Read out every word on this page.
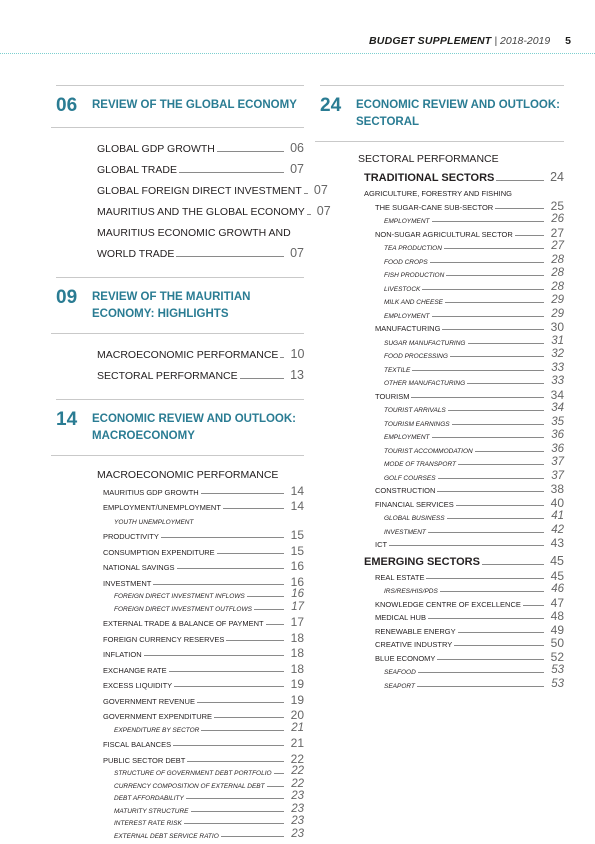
BUDGET SUPPLEMENT | 2018-2019 5
06	REVIEW OF THE GLOBAL ECONOMY
GLOBAL GDP GROWTH	06
GLOBAL TRADE	07
GLOBAL FOREIGN DIRECT INVESTMENT 07
MAURITIUS AND THE GLOBAL ECONOMY 07
MAURITIUS ECONOMIC GROWTH AND
WORLD TRADE	07
09	REVIEW OF THE MAURITIAN ECONOMY: HIGHLIGHTS
MACROECONOMIC PERFORMANCE 10
SECTORAL PERFORMANCE	13
14	ECONOMIC REVIEW AND OUTLOOK: MACROECONOMY
MACROECONOMIC PERFORMANCE
MAURITIUS GDP GROWTH	14
EMPLOYMENT/UNEMPLOYMENT	14
YOUTH UNEMPLOYMENT
PRODUCTIVITY	15
CONSUMPTION EXPENDITURE	15
NATIONAL SAVINGS	16
INVESTMENT	16
FOREIGN DIRECT INVESTMENT INFLOWS	16
FOREIGN DIRECT INVESTMENT OUTFLOWS	17
EXTERNAL TRADE & BALANCE OF PAYMENT	17
FOREIGN CURRENCY RESERVES	18
INFLATION	18
EXCHANGE RATE	18
EXCESS LIQUIDITY	19
GOVERNMENT REVENUE	19
GOVERNMENT EXPENDITURE	20
EXPENDITURE BY SECTOR	21
FISCAL BALANCES	21
PUBLIC SECTOR DEBT	22
STRUCTURE OF GOVERNMENT DEBT PORTFOLIO	22
CURRENCY COMPOSITION OF EXTERNAL DEBT	22
DEBT AFFORDABILITY	23
MATURITY STRUCTURE	23
INTEREST RATE RISK	23
EXTERNAL DEBT SERVICE RATIO	23
24	ECONOMIC REVIEW AND OUTLOOK: SECTORAL
SECTORAL PERFORMANCE
TRADITIONAL SECTORS	24
AGRICULTURE, FORESTRY AND FISHING
THE SUGAR-CANE SUB-SECTOR	25
EMPLOYMENT	26
NON-SUGAR AGRICULTURAL SECTOR	27
TEA PRODUCTION	27
FOOD CROPS	28
FISH PRODUCTION	28
LIVESTOCK	28
MILK AND CHEESE	29
EMPLOYMENT	29
MANUFACTURING	30
SUGAR MANUFACTURING	31
FOOD PROCESSING	32
TEXTILE	33
OTHER MANUFACTURING	33
TOURISM	34
TOURIST ARRIVALS	34
TOURISM EARNINGS	35
EMPLOYMENT	36
TOURIST ACCOMMODATION	36
MODE OF TRANSPORT	37
GOLF COURSES	37
CONSTRUCTION	38
FINANCIAL SERVICES	40
GLOBAL BUSINESS	41
INVESTMENT	42
ICT	43
EMERGING SECTORS	45
REAL ESTATE	45
IRS/RES/HIS/PDS	46
KNOWLEDGE CENTRE OF EXCELLENCE	47
MEDICAL HUB	48
RENEWABLE ENERGY	49
CREATIVE INDUSTRY	50
BLUE ECONOMY	52
SEAFOOD	53
SEAPORT	53
